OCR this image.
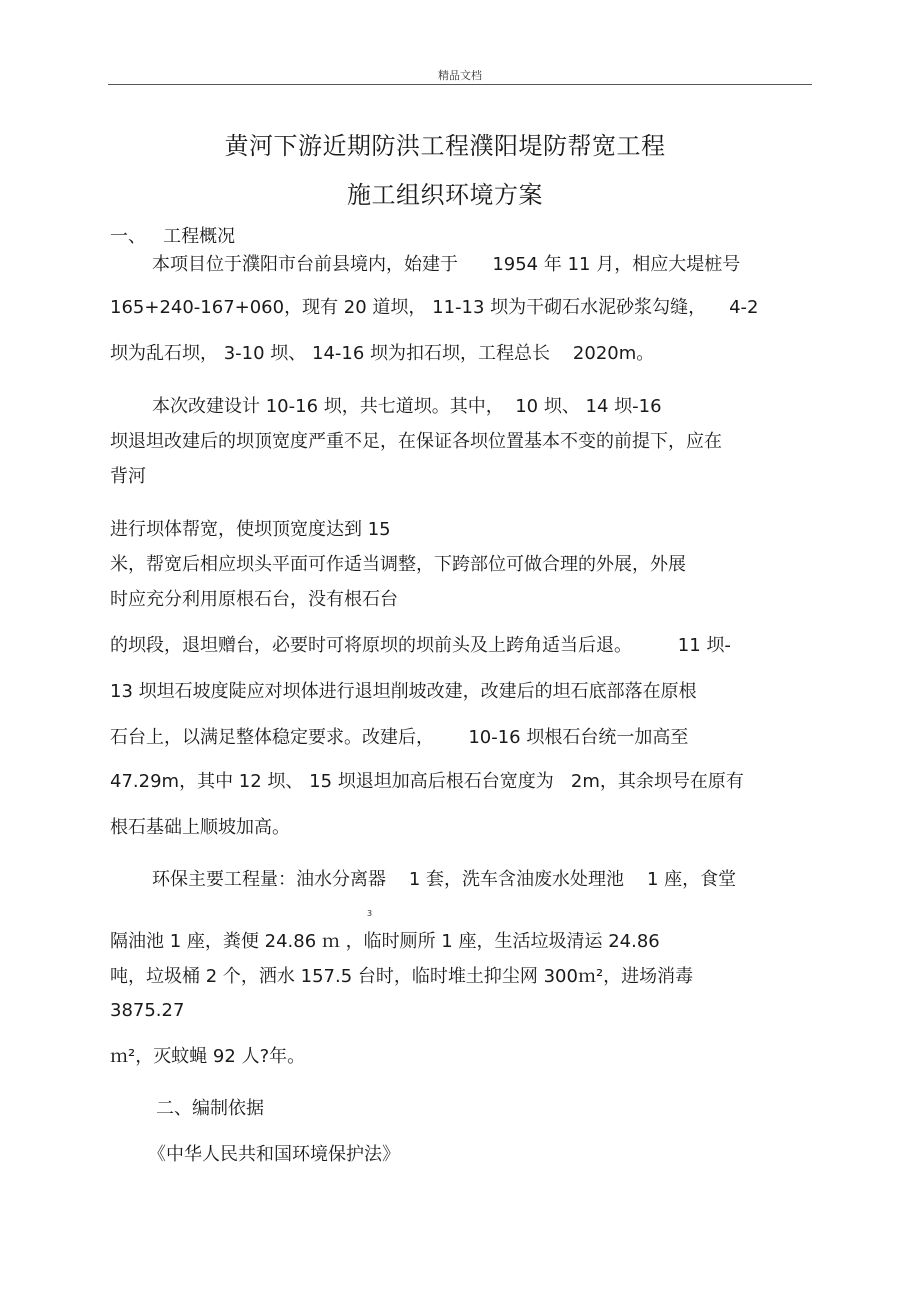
精品文档
黄河下游近期防洪工程濮阳堤防帮宽工程
施工组织环境方案
一、   工程概况
本项目位于濮阳市台前县境内，始建于      1954 年 11 月，相应大堤桩号
165+240-167+060，现有 20 道坝， 11-13 坝为干砌石水泥砂浆勾缝，    4-2
坝为乱石坝， 3-10 坝、 14-16 坝为扣石坝，工程总长    2020m。
本次改建设计 10-16 坝，共七道坝。其中，  10 坝、 14 坝-16
坝退坦改建后的坝顶宽度严重不足，在保证各坝位置基本不变的前提下，应在
背河
进行坝体帮宽，使坝顶宽度达到 15
米，帮宽后相应坝头平面可作适当调整，下跨部位可做合理的外展，外展
时应充分利用原根石台，没有根石台
的坝段，退坦赠台，必要时可将原坝的坝前头及上跨角适当后退。        11 坝-
13 坝坦石坡度陡应对坝体进行退坦削坡改建，改建后的坦石底部落在原根
石台上，以满足整体稳定要求。改建后，      10-16 坝根石台统一加高至
47.29m，其中 12 坝、 15 坝退坦加高后根石台宽度为   2m，其余坝号在原有
根石基础上顺坡加高。
环保主要工程量：油水分离器    1 套，洗车含油废水处理池    1 座，食堂
3
隔油池 1 座，粪便 24.86 ｍ ，临时厕所 1 座，生活垃圾清运 24.86
吨，垃圾桶 2 个，洒水 157.5 台时，临时堆土抑尘网 300ｍ²，进场消毒
3875.27
ｍ²，灭蚊蝇 92 人?年。
二、编制依据
《中华人民共和国环境保护法》
